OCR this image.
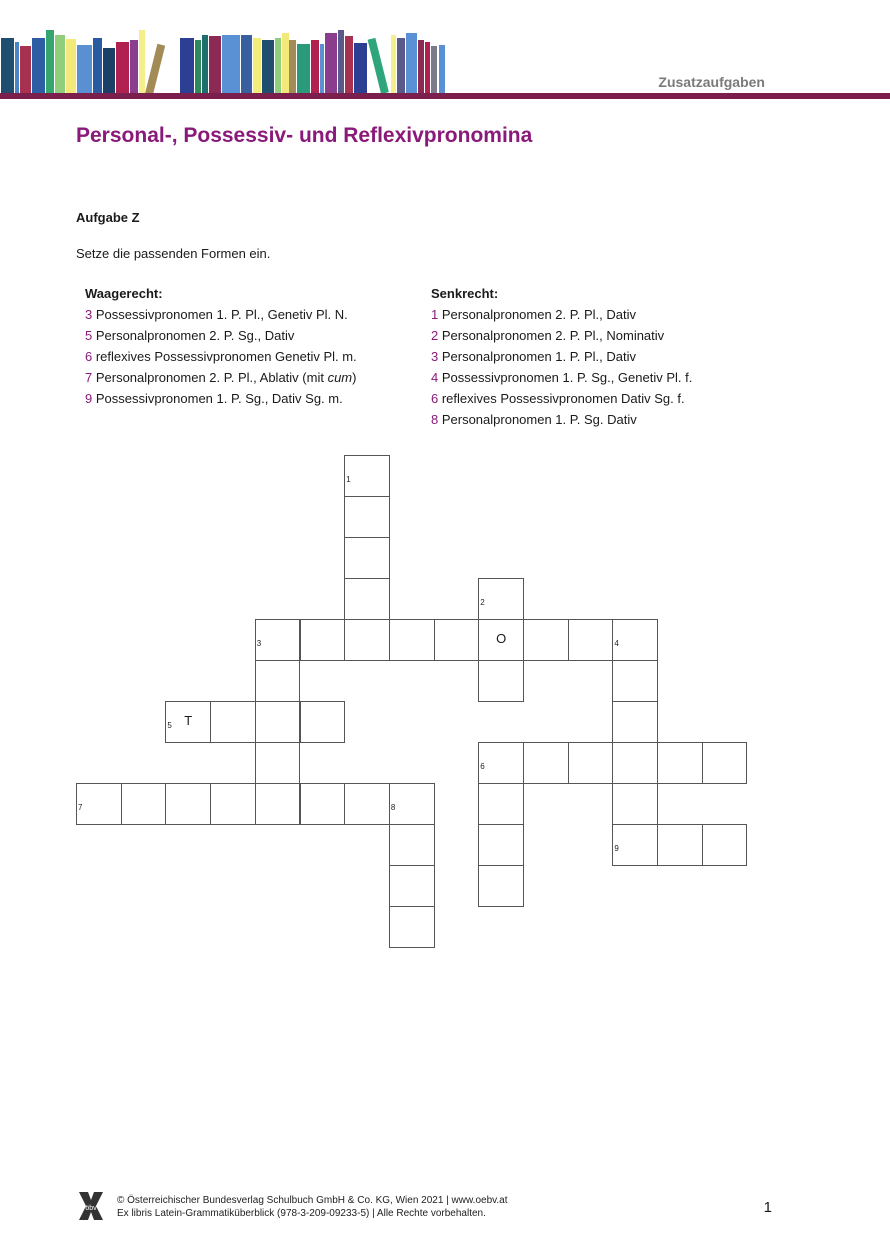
Zusatzaufgaben
Personal-, Possessiv- und Reflexivpronomina
Aufgabe Z
Setze die passenden Formen ein.
Waagerecht:
3 Possessivpronomen 1. P. Pl., Genetiv Pl. N.
5 Personalpronomen 2. P. Sg., Dativ
6 reflexives Possessivpronomen Genetiv Pl. m.
7 Personalpronomen 2. P. Pl., Ablativ (mit cum)
9 Possessivpronomen 1. P. Sg., Dativ Sg. m.
Senkrecht:
1 Personalpronomen 2. P. Pl., Dativ
2 Personalpronomen 2. P. Pl., Nominativ
3 Personalpronomen 1. P. Pl., Dativ
4 Possessivpronomen 1. P. Sg., Genetiv Pl. f.
6 reflexives Possessivpronomen Dativ Sg. f.
8 Personalpronomen 1. P. Sg. Dativ
1
2
3	O	4
5 T
6
7	8
9
öbv
© Österreichischer Bundesverlag Schulbuch GmbH & Co. KG, Wien 2021 | www.oebv.at
Ex libris Latein-Grammatiküberblick (978-3-209-09233-5) | Alle Rechte vorbehalten.	1
